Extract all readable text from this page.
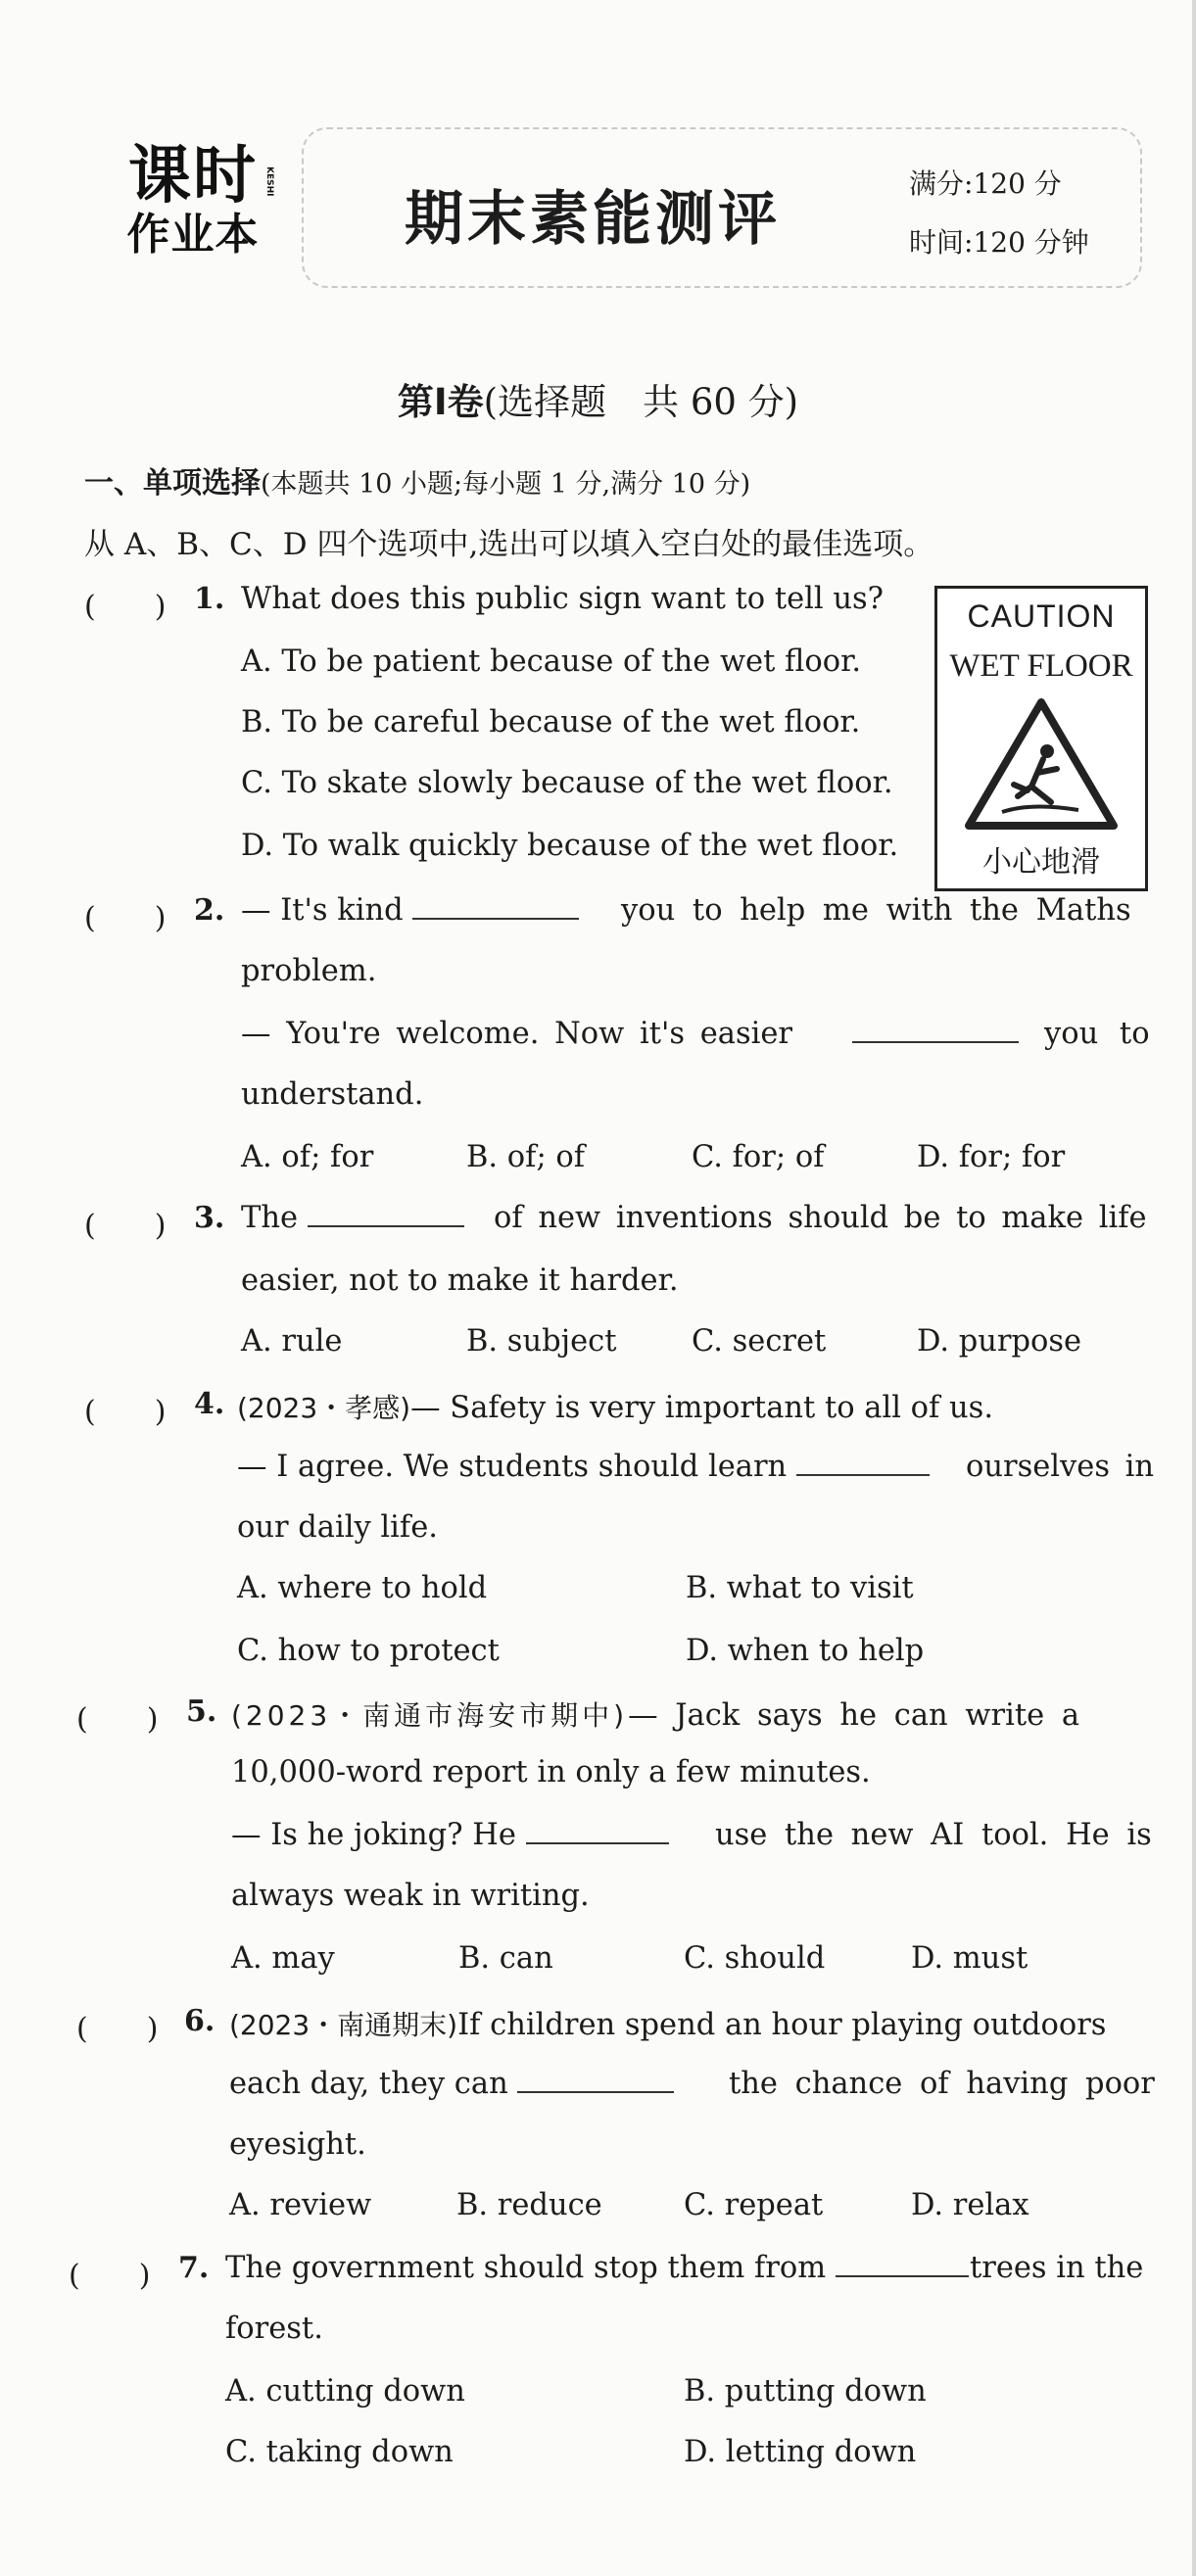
课时
作业本
KESHI
期末素能测评
满分:120 分
时间:120 分钟
第Ⅰ卷(选择题　共 60 分)
一、单项选择(本题共 10 小题;每小题 1 分,满分 10 分)
从 A、B、C、D 四个选项中,选出可以填入空白处的最佳选项。
CAUTION
WET FLOOR
小心地滑
(　　) 1. What does this public sign want to tell us?
A. To be patient because of the wet floor.
B. To be careful because of the wet floor.
C. To skate slowly because of the wet floor.
D. To walk quickly because of the wet floor.
(　　) 2. — It's kind	you to help me with the Maths
problem.
— You're welcome. Now it's easier	you to
understand.
A. of; for	B. of; of	C. for; of	D. for; for
(　　) 3. The	of new inventions should be to make life
easier, not to make it harder.
A. rule	B. subject	C. secret	D. purpose
(　　) 4. (2023・孝感)— Safety is very important to all of us.
— I agree. We students should learn	ourselves in
our daily life.
A. where to hold	B. what to visit
C. how to protect	D. when to help
(　　) 5. (2023・南通市海安市期中)— Jack says he can write a
10,000-word report in only a few minutes.
— Is he joking? He	use the new AI tool. He is
always weak in writing.
A. may	B. can	C. should	D. must
(　　) 6. (2023・南通期末)If children spend an hour playing outdoors
each day, they can	the chance of having poor
eyesight.
A. review	B. reduce	C. repeat	D. relax
(　　) 7. The government should stop them from	trees in the
forest.
A. cutting down	B. putting down
C. taking down	D. letting down
